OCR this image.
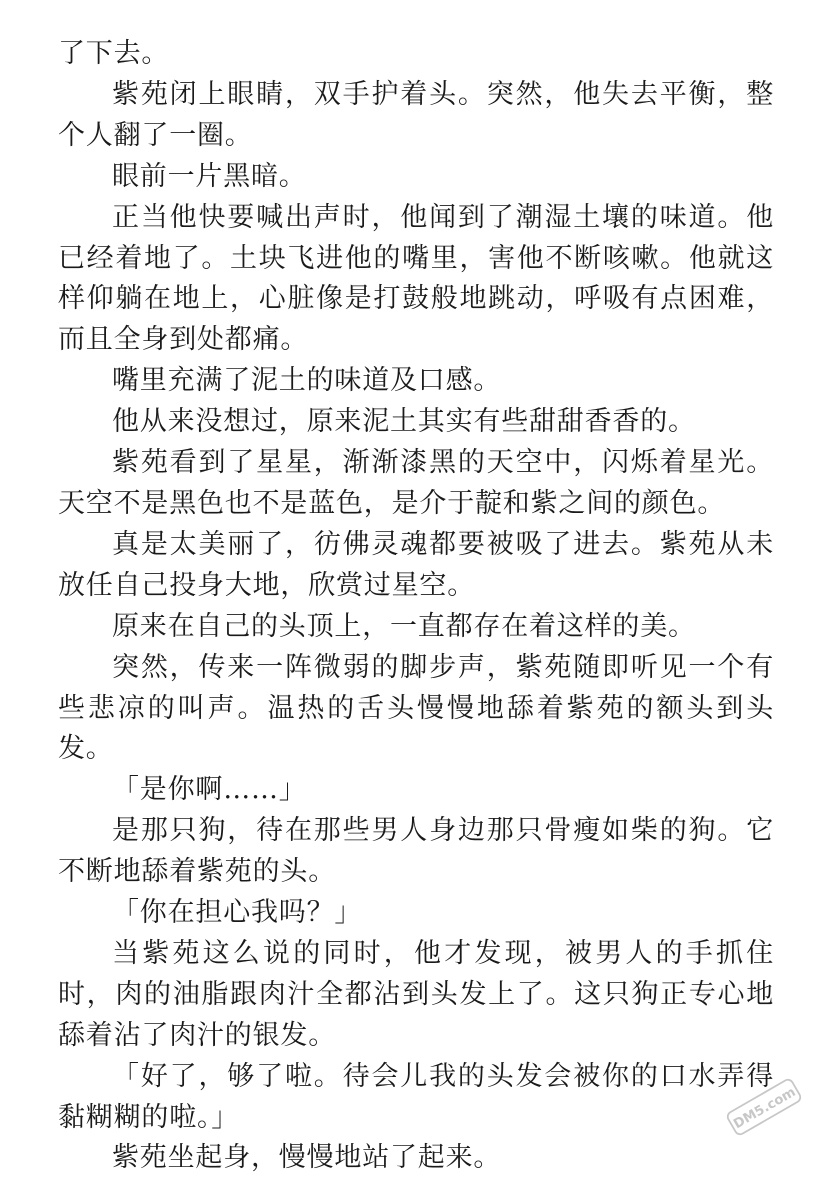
了下去。

紫苑闭上眼睛，双手护着头。突然，他失去平衡，整个人翻了一圈。

眼前一片黑暗。

正当他快要喊出声时，他闻到了潮湿土壤的味道。他已经着地了。土块飞进他的嘴里，害他不断咳嗽。他就这样仰躺在地上，心脏像是打鼓般地跳动，呼吸有点困难，而且全身到处都痛。

嘴里充满了泥土的味道及口感。

他从来没想过，原来泥土其实有些甜甜香香的。

紫苑看到了星星，渐渐漆黑的天空中，闪烁着星光。天空不是黑色也不是蓝色，是介于靛和紫之间的颜色。

真是太美丽了，彷佛灵魂都要被吸了进去。紫苑从未放任自己投身大地，欣赏过星空。

原来在自己的头顶上，一直都存在着这样的美。

突然，传来一阵微弱的脚步声，紫苑随即听见一个有些悲凉的叫声。温热的舌头慢慢地舔着紫苑的额头到头发。

「是你啊……」

是那只狗，待在那些男人身边那只骨瘦如柴的狗。它不断地舔着紫苑的头。

「你在担心我吗？」

当紫苑这么说的同时，他才发现，被男人的手抓住时，肉的油脂跟肉汁全都沾到头发上了。这只狗正专心地舔着沾了肉汁的银发。

「好了，够了啦。待会儿我的头发会被你的口水弄得黏糊糊的啦。」

紫苑坐起身，慢慢地站了起来。

DM5.com
